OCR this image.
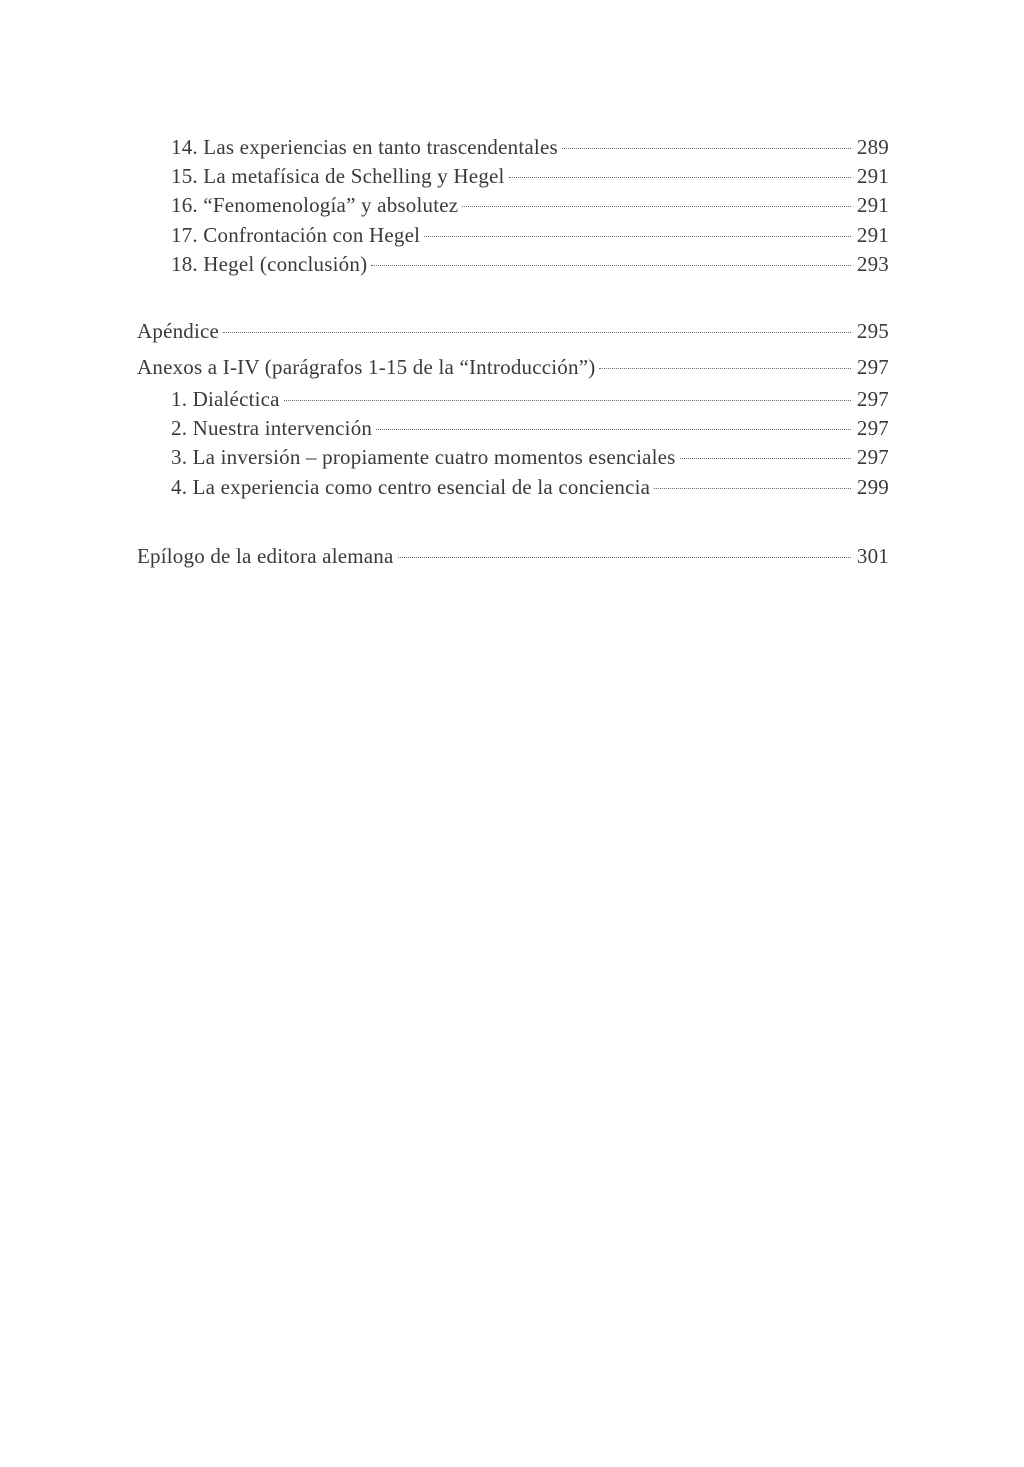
14. Las experiencias en tanto trascendentales	289
15. La metafísica de Schelling y Hegel	291
16. “Fenomenología” y absolutez	291
17. Confrontación con Hegel	291
18. Hegel (conclusión)	293
Apéndice	295
Anexos a I-IV (parágrafos 1-15 de la “Introducción”)	297
1. Dialéctica	297
2. Nuestra intervención	297
3. La inversión – propiamente cuatro momentos esenciales	297
4. La experiencia como centro esencial de la conciencia	299
Epílogo de la editora alemana	301
